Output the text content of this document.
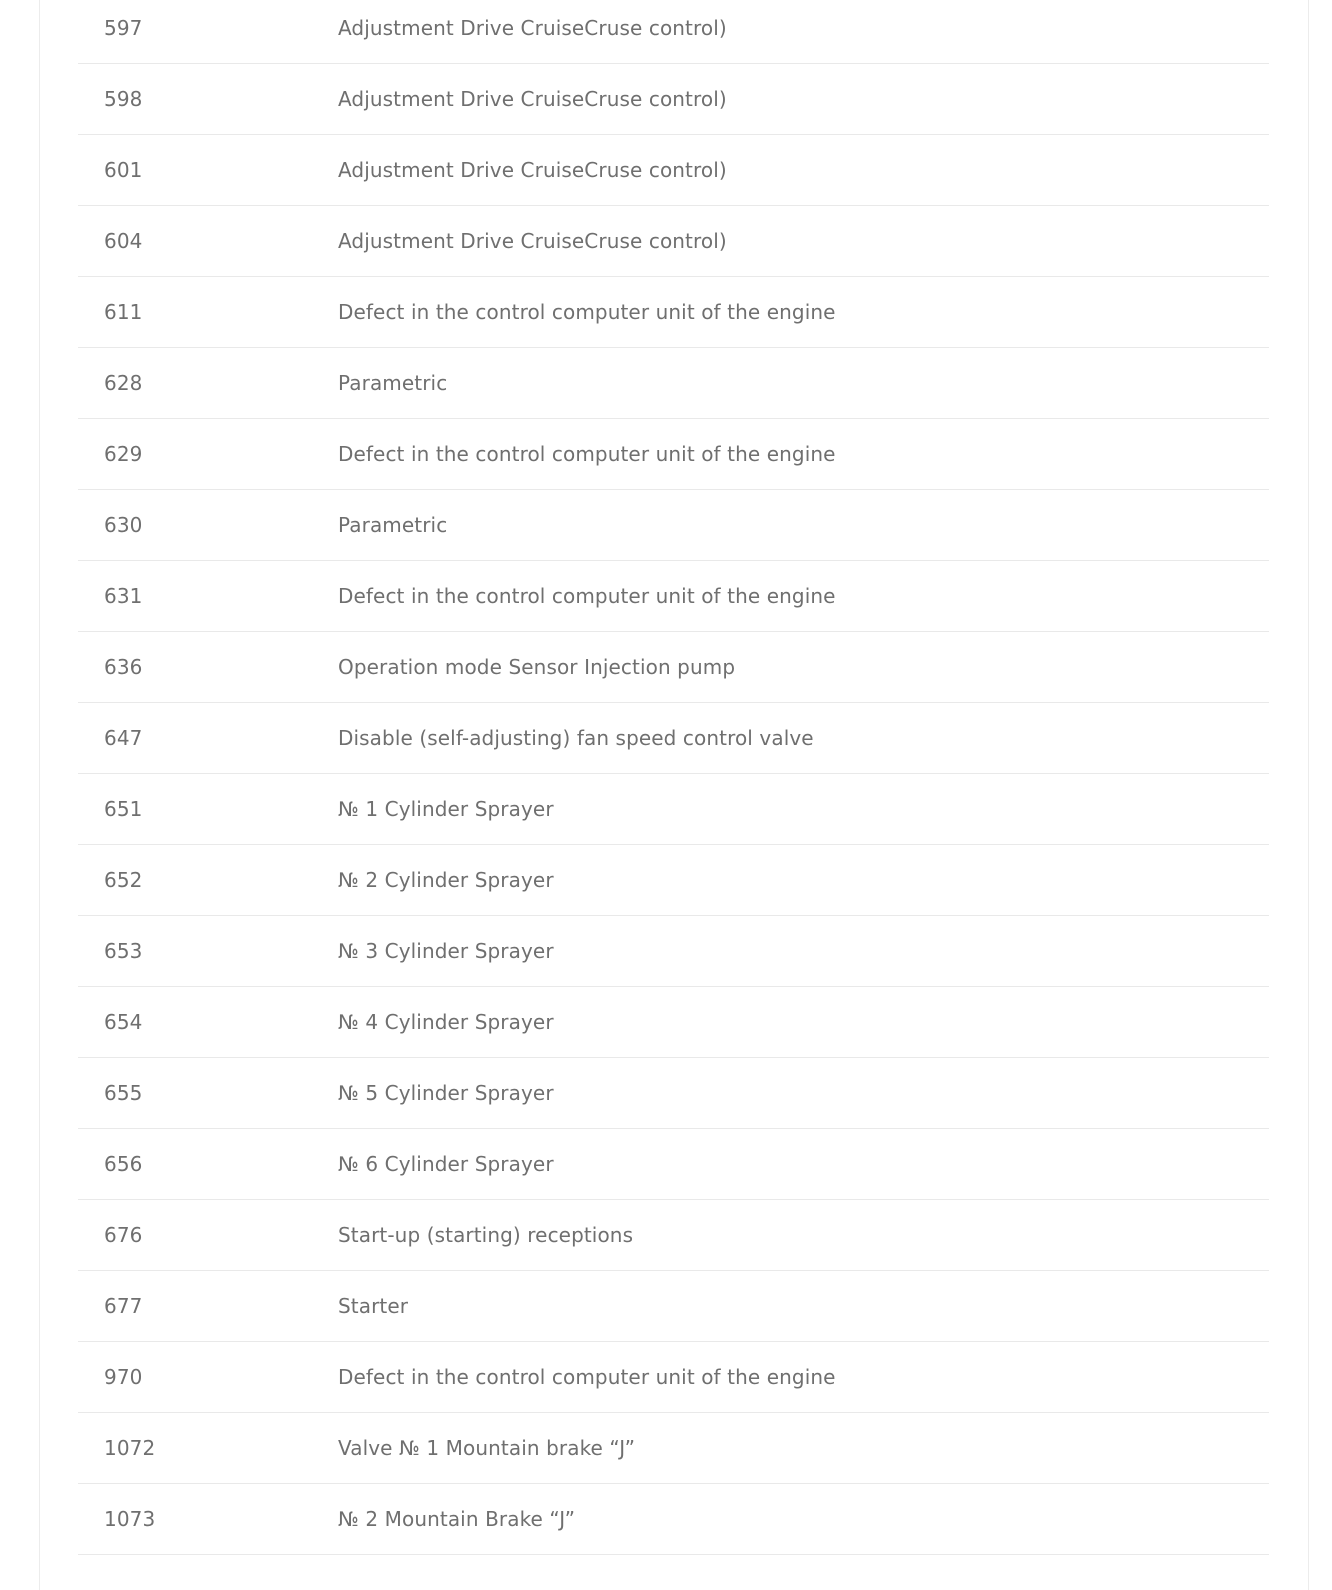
597	Adjustment Drive CruiseCruse control)
598	Adjustment Drive CruiseCruse control)
601	Adjustment Drive CruiseCruse control)
604	Adjustment Drive CruiseCruse control)
611	Defect in the control computer unit of the engine
628	Parametric
629	Defect in the control computer unit of the engine
630	Parametric
631	Defect in the control computer unit of the engine
636	Operation mode Sensor Injection pump
647	Disable (self-adjusting) fan speed control valve
651	№ 1 Cylinder Sprayer
652	№ 2 Cylinder Sprayer
653	№ 3 Cylinder Sprayer
654	№ 4 Cylinder Sprayer
655	№ 5 Cylinder Sprayer
656	№ 6 Cylinder Sprayer
676	Start-up (starting) receptions
677	Starter
970	Defect in the control computer unit of the engine
1072	Valve № 1 Mountain brake “J”
1073	№ 2 Mountain Brake “J”
